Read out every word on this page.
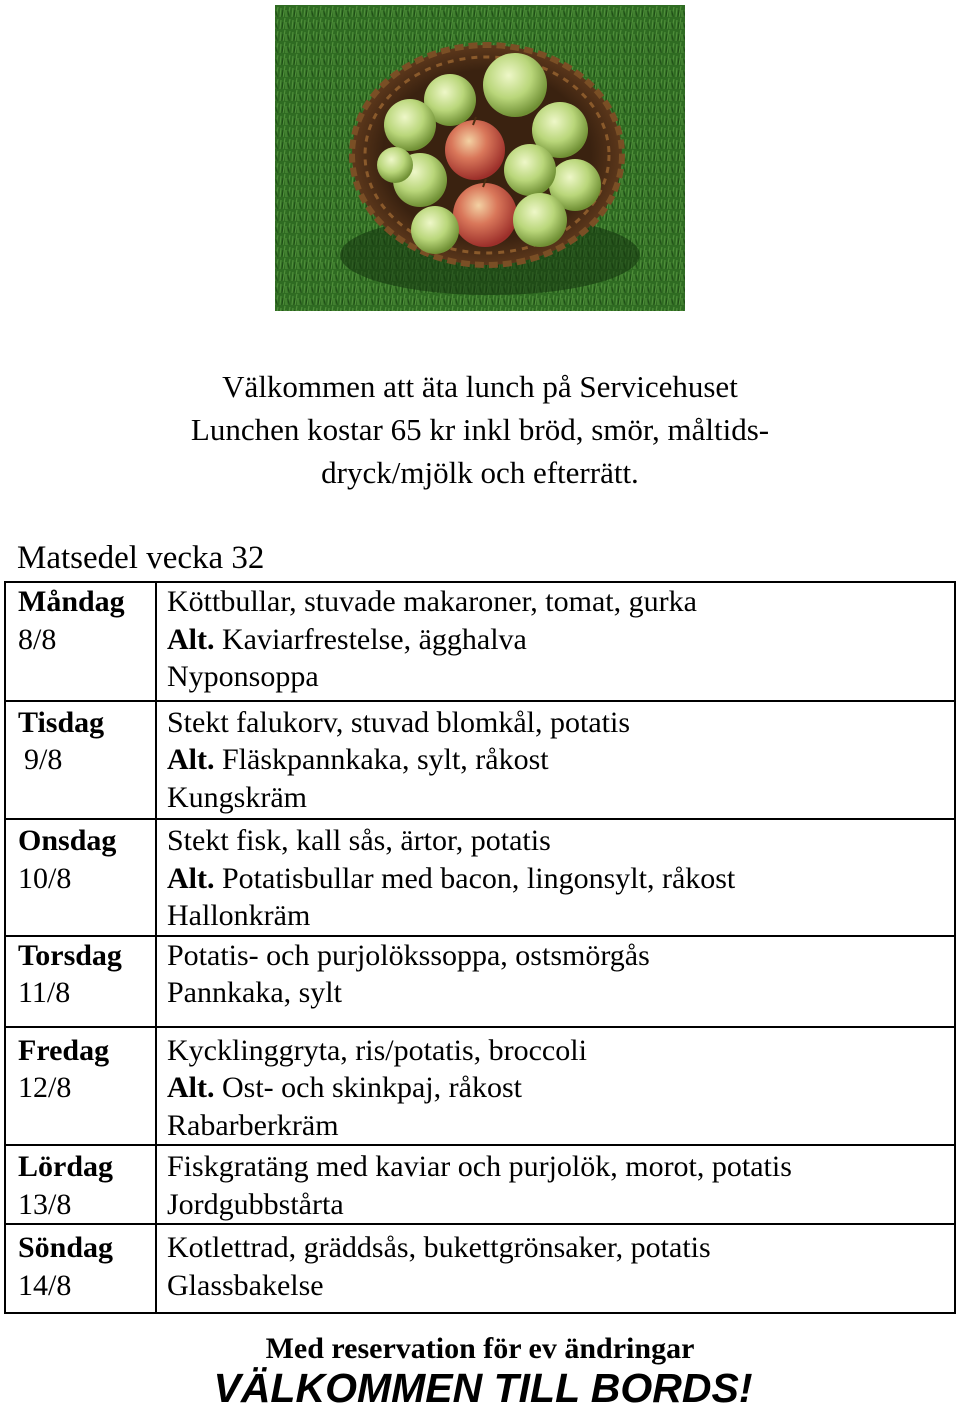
Välkommen att äta lunch på Servicehuset
Lunchen kostar 65 kr inkl bröd, smör, måltids-
dryck/mjölk och efterrätt.
Matsedel vecka 32
Måndag
8/8	Köttbullar, stuvade makaroner, tomat, gurka
Alt. Kaviarfrestelse, ägghalva
Nyponsoppa

Tisdag
9/8	Stekt falukorv, stuvad blomkål, potatis
Alt. Fläskpannkaka, sylt, råkost
Kungskräm

Onsdag
10/8	Stekt fisk, kall sås, ärtor, potatis
Alt. Potatisbullar med bacon, lingonsylt, råkost
Hallonkräm

Torsdag
11/8	Potatis- och purjolökssoppa, ostsmörgås
Pannkaka, sylt

Fredag
12/8	Kycklinggryta, ris/potatis, broccoli
Alt. Ost- och skinkpaj, råkost
Rabarberkräm

Lördag
13/8	Fiskgratäng med kaviar och purjolök, morot, potatis
Jordgubbstårta

Söndag
14/8	Kotlettrad, gräddsås, bukettgrönsaker, potatis
Glassbakelse
Med reservation för ev ändringar
VÄLKOMMEN TILL BORDS!
